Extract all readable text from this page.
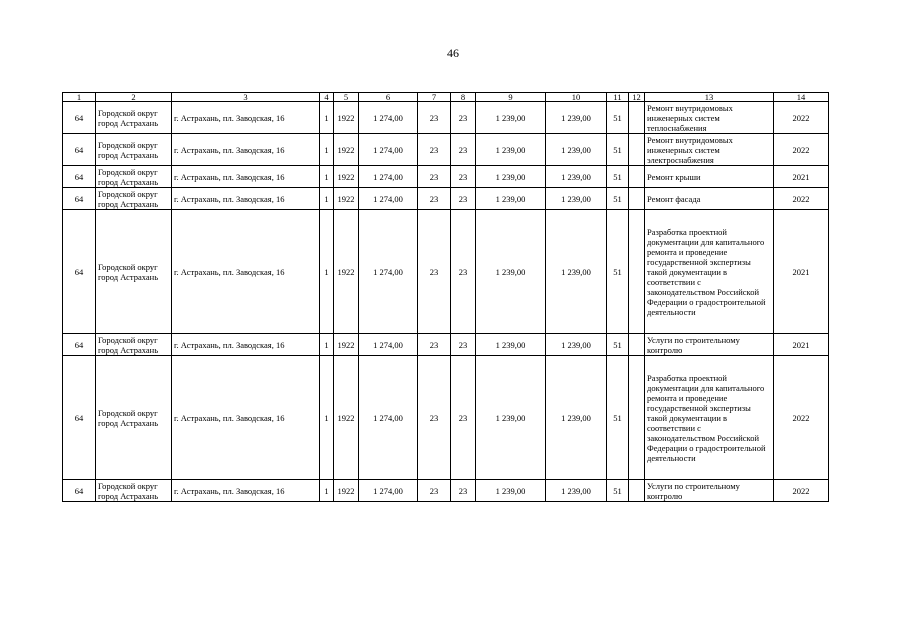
46
1	2	3	4	5	6	7	8	9	10	11	12	13	14
64	Городской округ город Астрахань	г. Астрахань, пл. Заводская, 16	1	1922	1 274,00	23	23	1 239,00	1 239,00	51		Ремонт внутридомовых инженерных систем теплоснабжения	2022
64	Городской округ город Астрахань	г. Астрахань, пл. Заводская, 16	1	1922	1 274,00	23	23	1 239,00	1 239,00	51		Ремонт внутридомовых инженерных систем электроснабжения	2022
64	Городской округ город Астрахань	г. Астрахань, пл. Заводская, 16	1	1922	1 274,00	23	23	1 239,00	1 239,00	51		Ремонт крыши	2021
64	Городской округ город Астрахань	г. Астрахань, пл. Заводская, 16	1	1922	1 274,00	23	23	1 239,00	1 239,00	51		Ремонт фасада	2022
64	Городской округ город Астрахань	г. Астрахань, пл. Заводская, 16	1	1922	1 274,00	23	23	1 239,00	1 239,00	51		Разработка проектной документации для капитального ремонта и проведение государственной экспертизы такой документации в соответствии с законодательством Российской Федерации о градостроительной деятельности	2021
64	Городской округ город Астрахань	г. Астрахань, пл. Заводская, 16	1	1922	1 274,00	23	23	1 239,00	1 239,00	51		Услуги по строительному контролю	2021
64	Городской округ город Астрахань	г. Астрахань, пл. Заводская, 16	1	1922	1 274,00	23	23	1 239,00	1 239,00	51		Разработка проектной документации для капитального ремонта и проведение государственной экспертизы такой документации в соответствии с законодательством Российской Федерации о градостроительной деятельности	2022
64	Городской округ город Астрахань	г. Астрахань, пл. Заводская, 16	1	1922	1 274,00	23	23	1 239,00	1 239,00	51		Услуги по строительному контролю	2022
